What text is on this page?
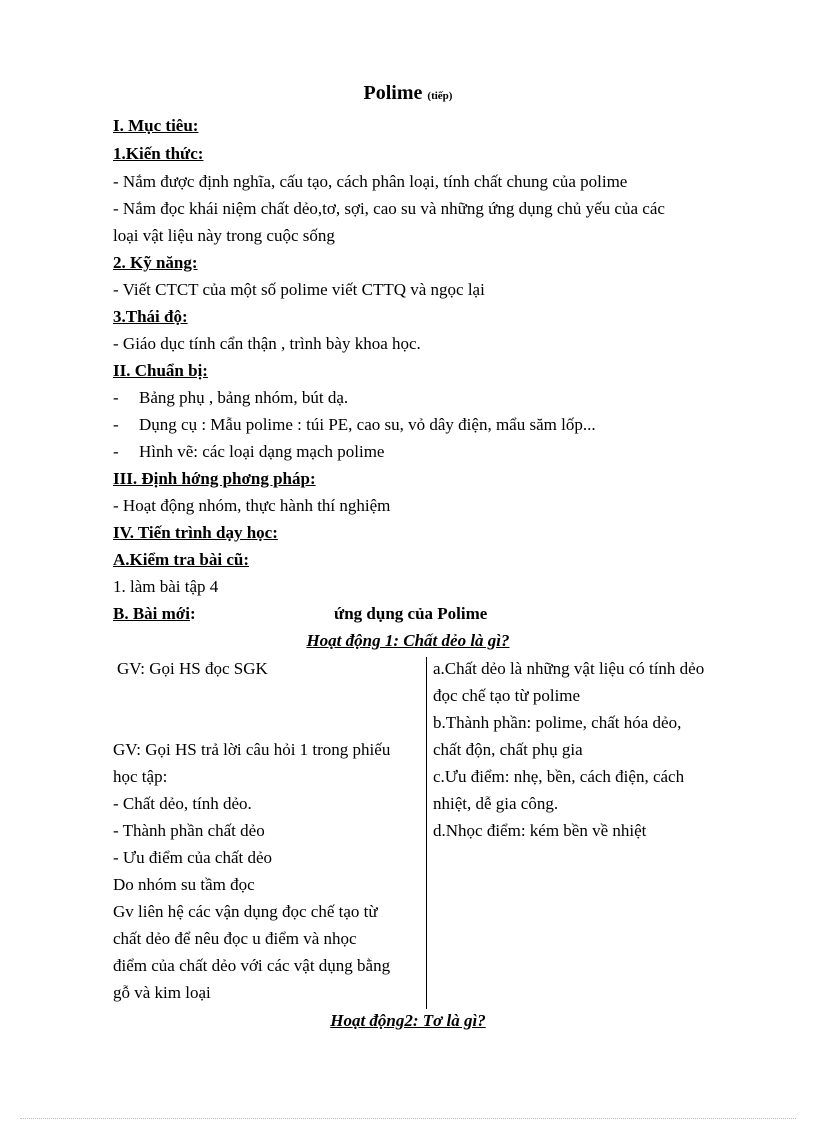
Polime (tiếp)
I. Mục tiêu:
1.Kiến thức:
- Nắm được định nghĩa, cấu tạo, cách phân loại, tính chất chung của polime
- Nắm đọc khái niệm chất dẻo,tơ, sợi, cao su và những ứng dụng chủ yếu của các
loại vật liệu này trong cuộc sống
2. Kỹ năng:
- Viết CTCT của một số polime viết CTTQ và ngọc lại
3.Thái độ:
- Giáo dục tính cẩn thận , trình bày khoa học.
II. Chuẩn bị:
- Bảng phụ , bảng nhóm, bút dạ.
- Dụng cụ : Mẫu polime : túi PE, cao su, vỏ dây điện, mẩu săm lốp...
- Hình vẽ: các loại dạng mạch polime
III. Định hớng phơng pháp:
- Hoạt động nhóm, thực hành thí nghiệm
IV. Tiến trình dạy học:
A.Kiểm tra bài cũ:
1. làm bài tập 4
B. Bài mới:	ứng dụng của Polime
Hoạt động 1: Chất dẻo là gì?
GV: Gọi HS đọc SGK
GV: Gọi HS trả lời câu hỏi 1 trong phiếu
học tập:
- Chất dẻo, tính dẻo.
- Thành phần chất dẻo
- Ưu điểm của chất dẻo
Do nhóm su tầm đọc
Gv liên hệ các vận dụng đọc chế tạo từ
chất dẻo để nêu đọc u điểm và nhọc
điểm của chất dẻo với các vật dụng bằng
gỗ và kim loại
a.Chất dẻo là những vật liệu có tính dẻo
đọc chế tạo từ polime
b.Thành phần: polime, chất hóa dẻo,
chất độn, chất phụ gia
c.Ưu điểm: nhẹ, bền, cách điện, cách
nhiệt, dễ gia công.
d.Nhọc điểm: kém bền về nhiệt
Hoạt động2: Tơ là gì?
